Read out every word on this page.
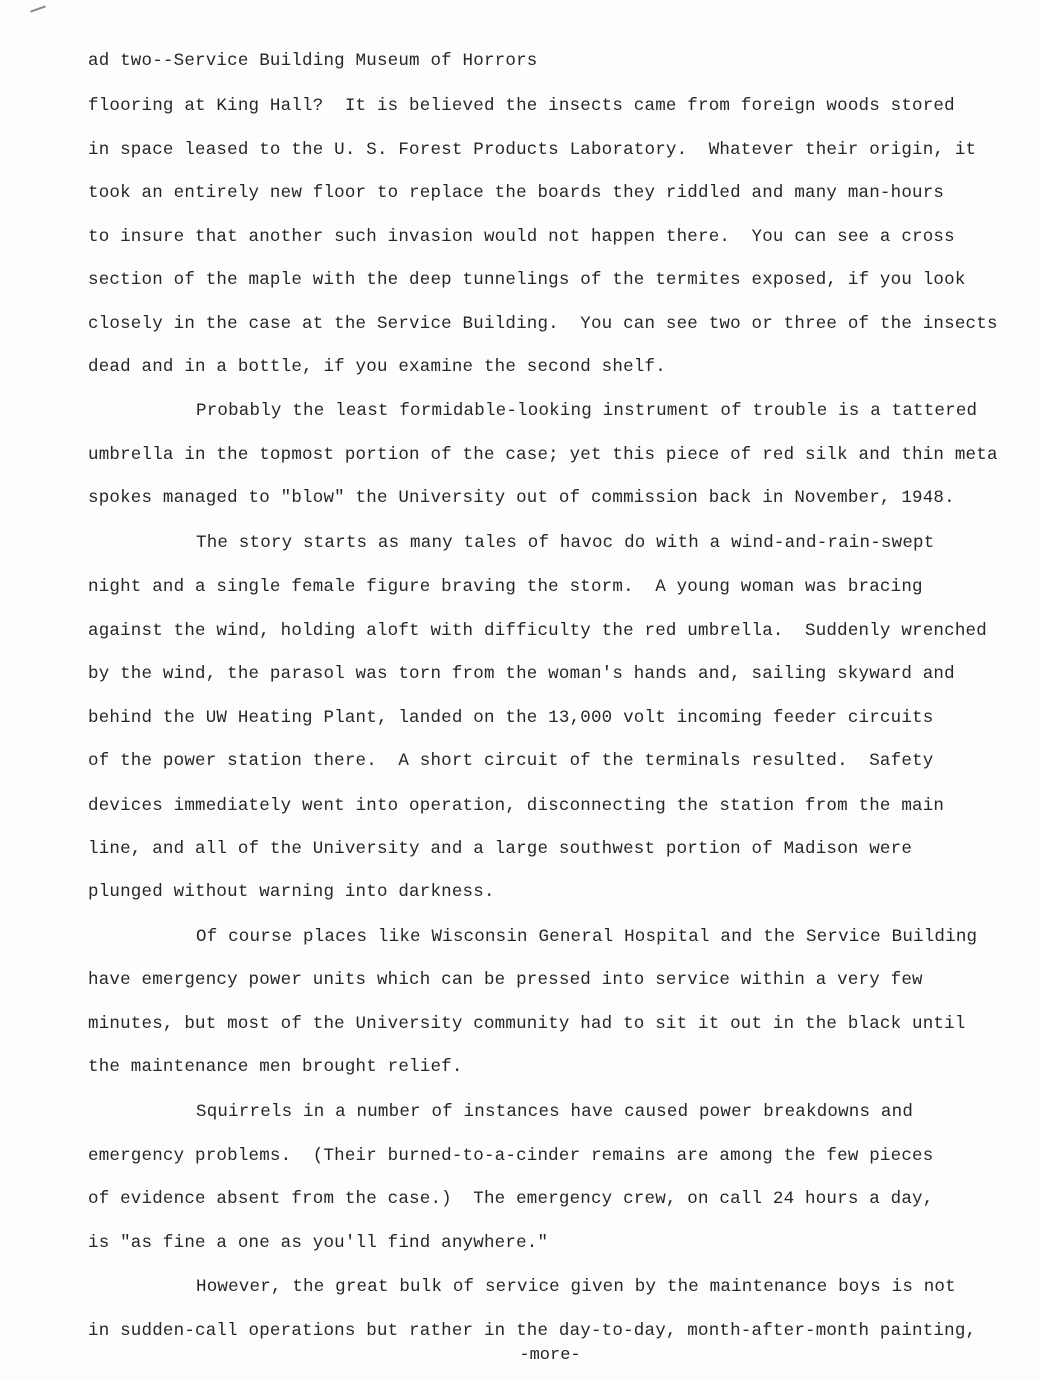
ad two--Service Building Museum of Horrors
flooring at King Hall?  It is believed the insects came from foreign woods stored
in space leased to the U. S. Forest Products Laboratory.  Whatever their origin, it
took an entirely new floor to replace the boards they riddled and many man-hours
to insure that another such invasion would not happen there.  You can see a cross
section of the maple with the deep tunnelings of the termites exposed, if you look
closely in the case at the Service Building.  You can see two or three of the insects
dead and in a bottle, if you examine the second shelf.
Probably the least formidable-looking instrument of trouble is a tattered
umbrella in the topmost portion of the case; yet this piece of red silk and thin meta
spokes managed to "blow" the University out of commission back in November, 1948.
The story starts as many tales of havoc do with a wind-and-rain-swept
night and a single female figure braving the storm.  A young woman was bracing
against the wind, holding aloft with difficulty the red umbrella.  Suddenly wrenched
by the wind, the parasol was torn from the woman's hands and, sailing skyward and
behind the UW Heating Plant, landed on the 13,000 volt incoming feeder circuits
of the power station there.  A short circuit of the terminals resulted.  Safety
devices immediately went into operation, disconnecting the station from the main
line, and all of the University and a large southwest portion of Madison were
plunged without warning into darkness.
Of course places like Wisconsin General Hospital and the Service Building
have emergency power units which can be pressed into service within a very few
minutes, but most of the University community had to sit it out in the black until
the maintenance men brought relief.
Squirrels in a number of instances have caused power breakdowns and
emergency problems.  (Their burned-to-a-cinder remains are among the few pieces
of evidence absent from the case.)  The emergency crew, on call 24 hours a day,
is "as fine a one as you'll find anywhere."
However, the great bulk of service given by the maintenance boys is not
in sudden-call operations but rather in the day-to-day, month-after-month painting,
-more-
